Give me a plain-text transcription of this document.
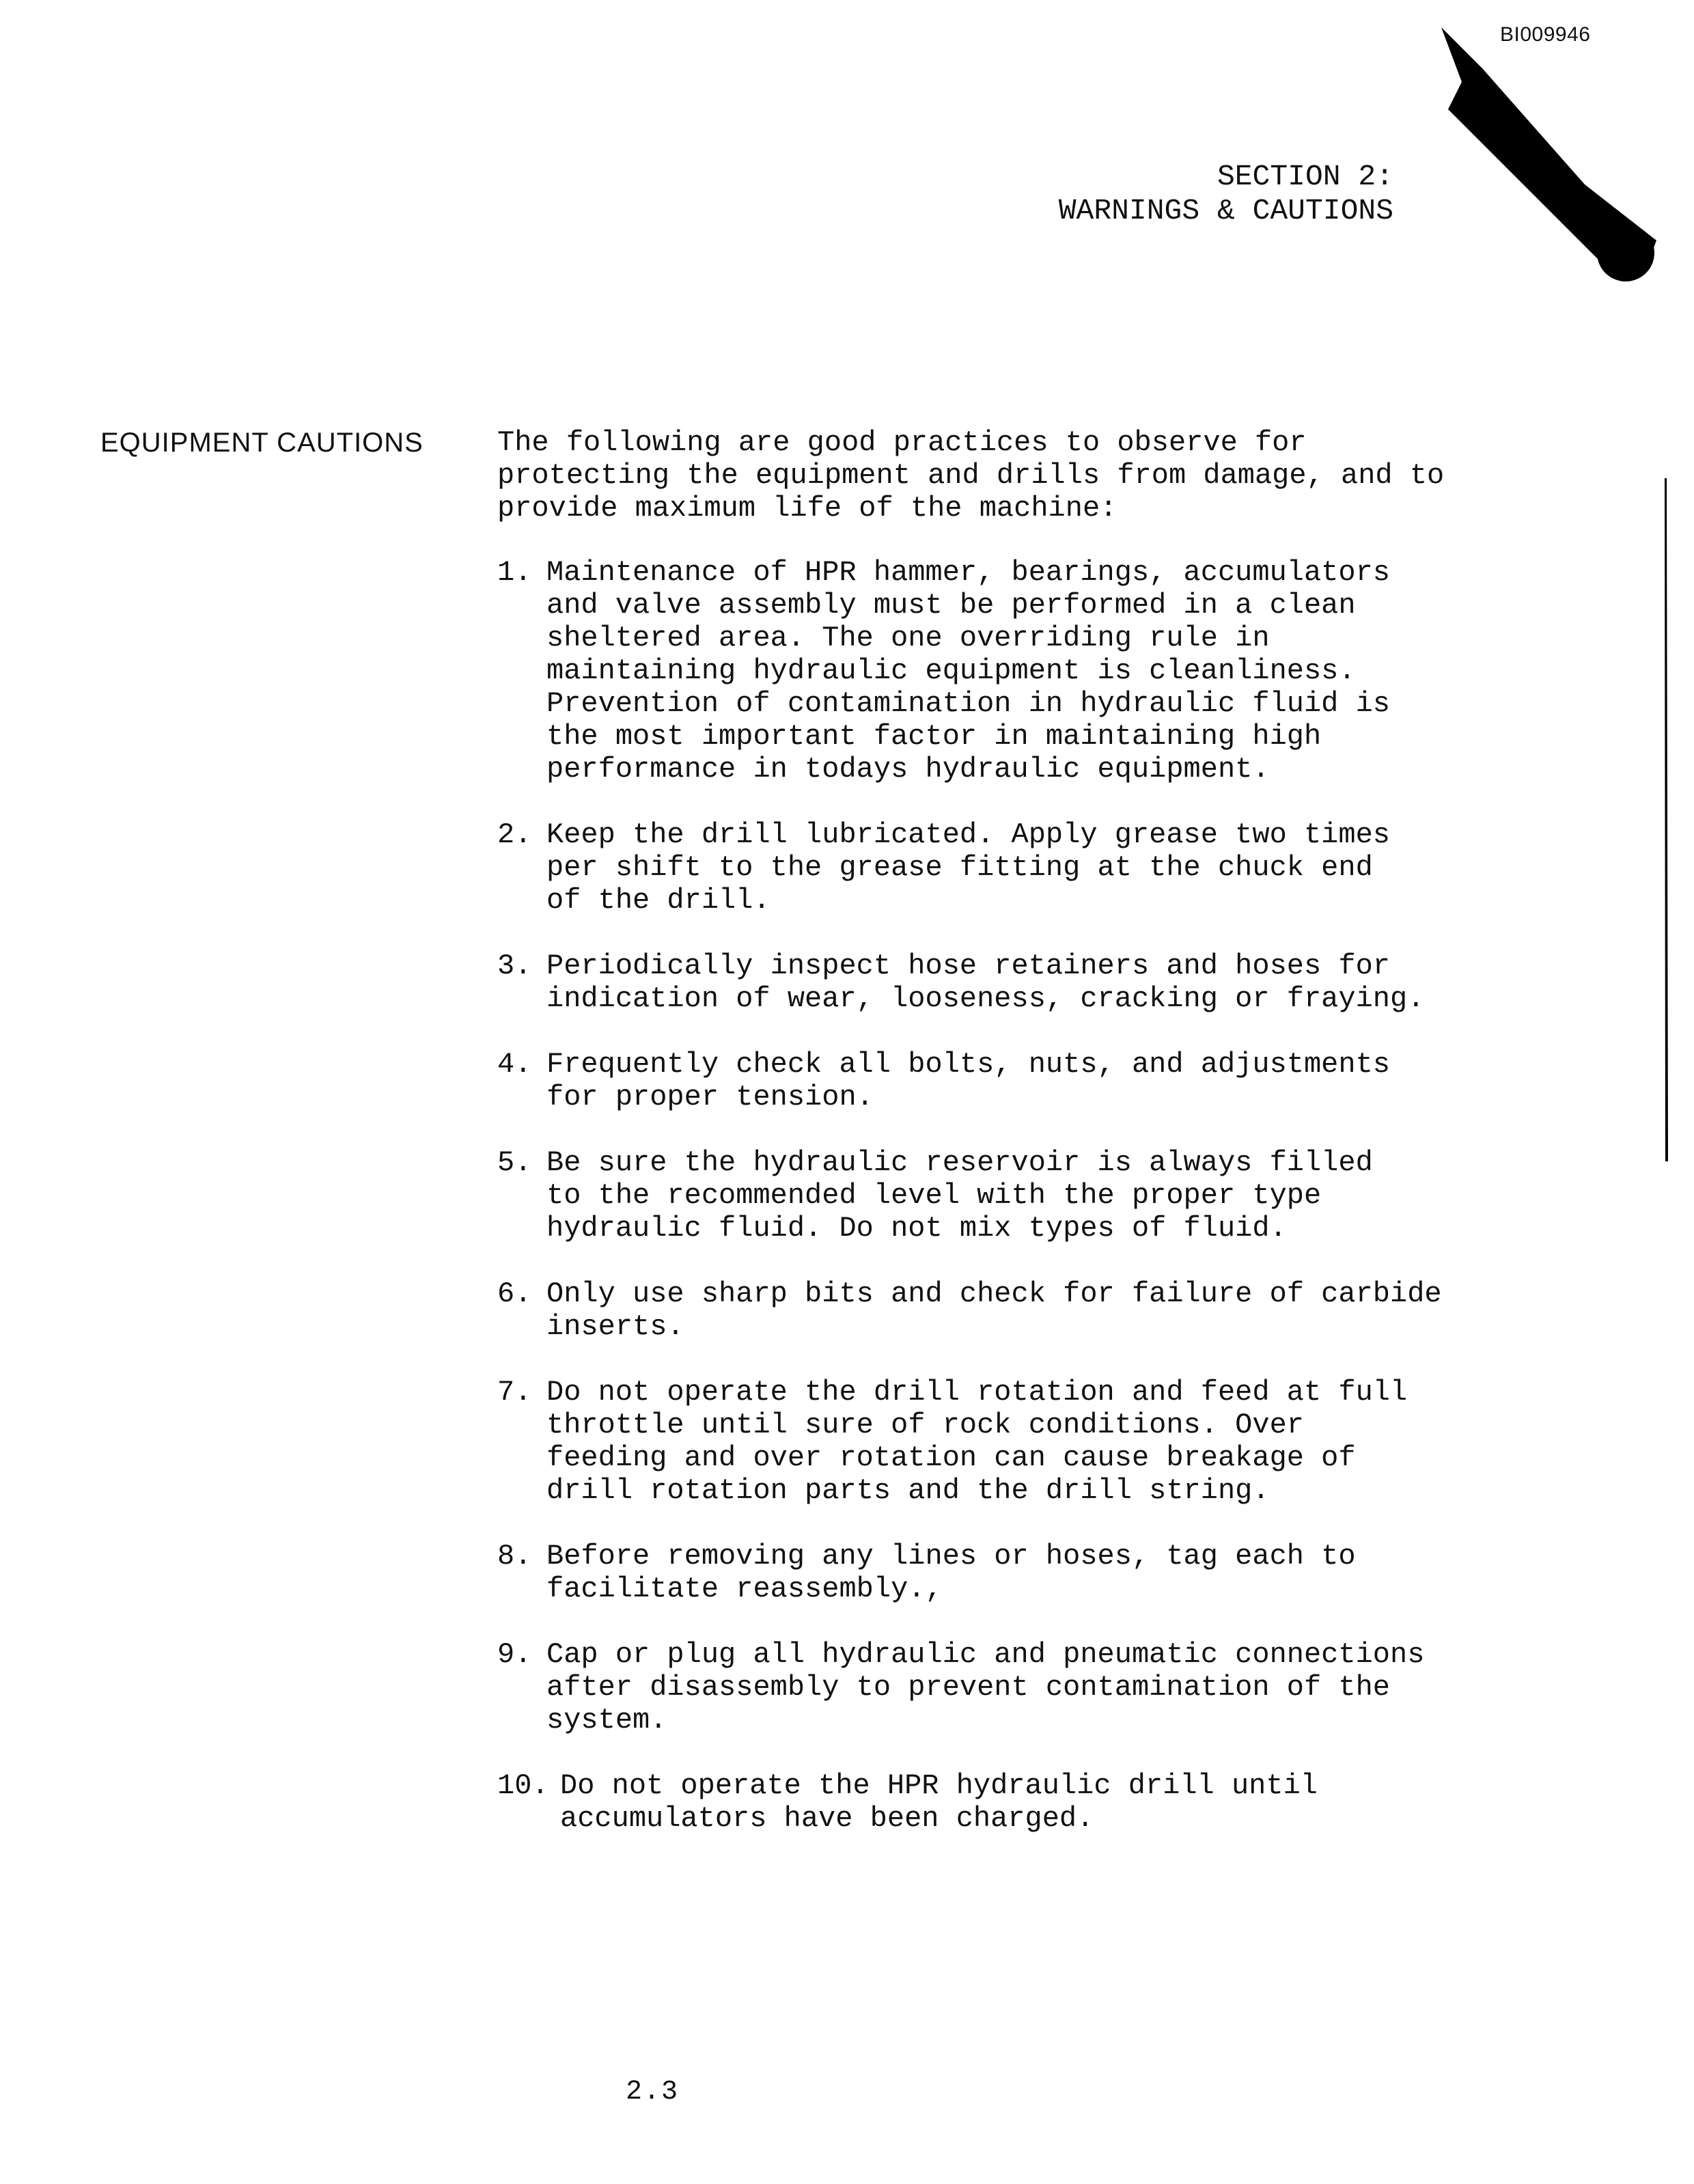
BI009946
SECTION 2:
WARNINGS & CAUTIONS
EQUIPMENT CAUTIONS	The following are good practices to observe for

protecting the equipment and drills from damage, and to

provide maximum life of the machine:

1. Maintenance of HPR hammer, bearings, accumulators
and valve assembly must be performed in a clean
sheltered area. The one overriding rule in
maintaining hydraulic equipment is cleanliness.
Prevention of contamination in hydraulic fluid is
the most important factor in maintaining high
performance in todays hydraulic equipment.
2. Keep the drill lubricated. Apply grease two times
per shift to the grease fitting at the chuck end
of the drill.
3. Periodically inspect hose retainers and hoses for
indication of wear, looseness, cracking or fraying.
4. Frequently check all bolts, nuts, and adjustments
for proper tension.
5. Be sure the hydraulic reservoir is always filled
to the recommended level with the proper type
hydraulic fluid. Do not mix types of fluid.
6. Only use sharp bits and check for failure of carbide
inserts.
7. Do not operate the drill rotation and feed at full
throttle until sure of rock conditions. Over
feeding and over rotation can cause breakage of
drill rotation parts and the drill string.
8. Before removing any lines or hoses, tag each to
facilitate reassembly.,
9. Cap or plug all hydraulic and pneumatic connections
after disassembly to prevent contamination of the
system.
10. Do not operate the HPR hydraulic drill until
accumulators have been charged.
2.3
